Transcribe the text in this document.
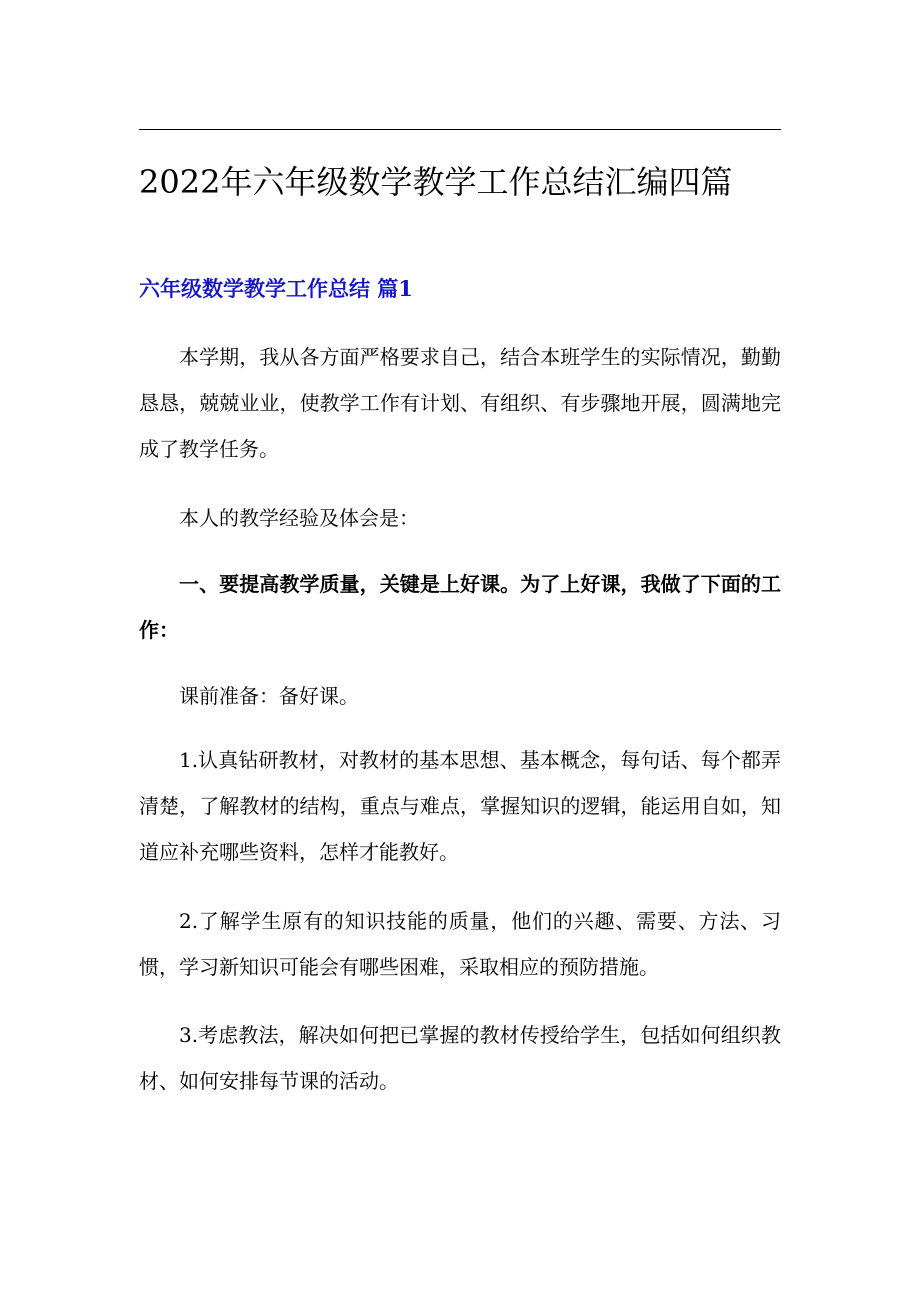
2022年六年级数学教学工作总结汇编四篇
六年级数学教学工作总结 篇1

本学期，我从各方面严格要求自己，结合本班学生的实际情况，勤勤恳恳，兢兢业业，使教学工作有计划、有组织、有步骤地开展，圆满地完成了教学任务。

本人的教学经验及体会是：

一、要提高教学质量，关键是上好课。为了上好课，我做了下面的工作：

课前准备：备好课。

1.认真钻研教材，对教材的基本思想、基本概念，每句话、每个都弄清楚，了解教材的结构，重点与难点，掌握知识的逻辑，能运用自如，知道应补充哪些资料，怎样才能教好。

2.了解学生原有的知识技能的质量，他们的兴趣、需要、方法、习惯，学习新知识可能会有哪些困难，采取相应的预防措施。

3.考虑教法，解决如何把已掌握的教材传授给学生，包括如何组织教材、如何安排每节课的活动。
